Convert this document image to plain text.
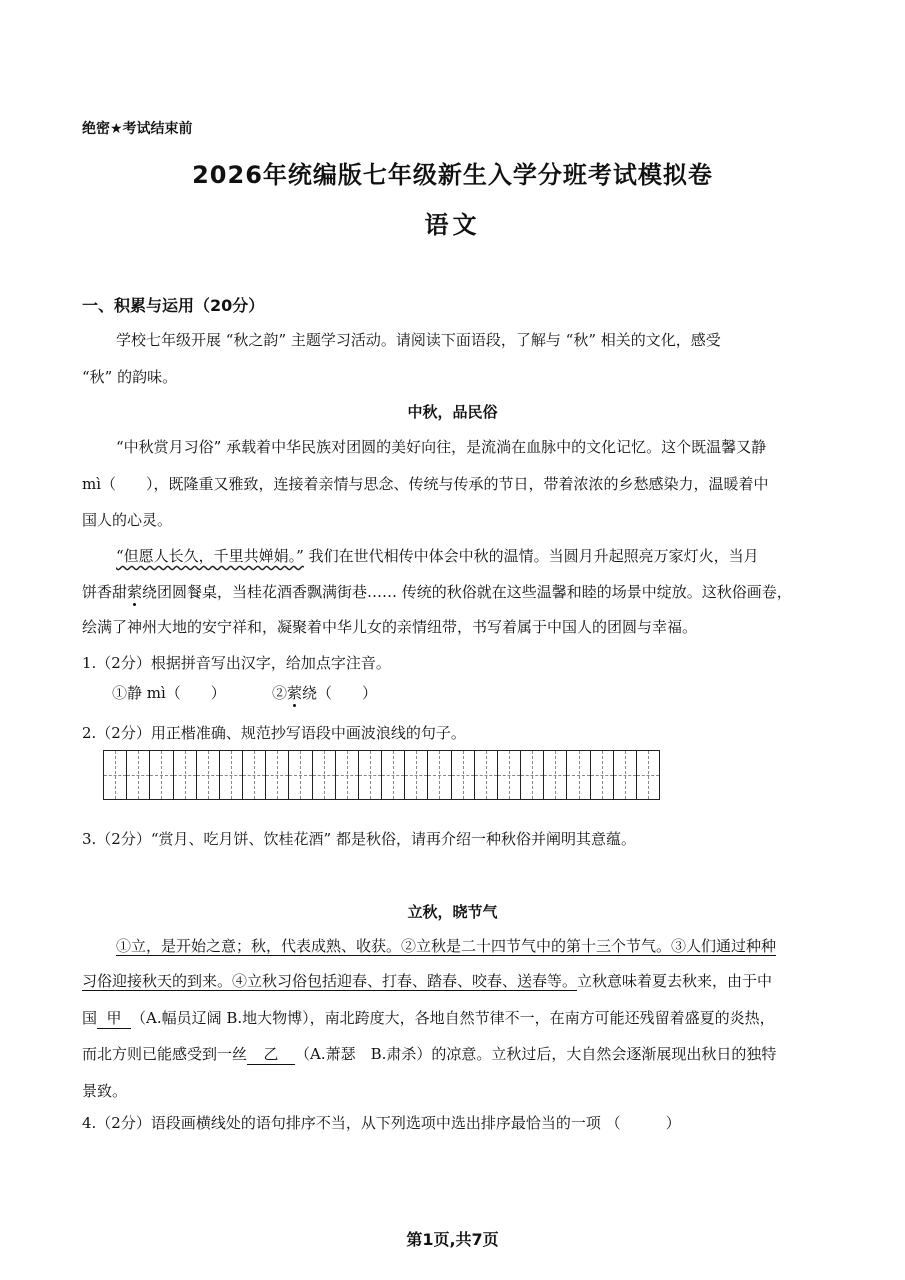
绝密★考试结束前
2026年统编版七年级新生入学分班考试模拟卷
语文
一、积累与运用（20分）
学校七年级开展 “秋之韵” 主题学习活动。请阅读下面语段，了解与 “秋” 相关的文化，感受
“秋” 的韵味。
中秋，品民俗
“中秋赏月习俗” 承载着中华民族对团圆的美好向往，是流淌在血脉中的文化记忆。这个既温馨又静
mì（　　），既隆重又雅致，连接着亲情与思念、传统与传承的节日，带着浓浓的乡愁感染力，温暖着中
国人的心灵。
“但愿人长久，千里共婵娟。” 我们在世代相传中体会中秋的温情。当圆月升起照亮万家灯火，当月
饼香甜萦绕团圆餐桌，当桂花酒香飘满街巷…… 传统的秋俗就在这些温馨和睦的场景中绽放。这秋俗画卷，
绘满了神州大地的安宁祥和，凝聚着中华儿女的亲情纽带，书写着属于中国人的团圆与幸福。
1.（2分）根据拼音写出汉字，给加点字注音。
①静 mì（　　）	②萦绕（　　）
2.（2分）用正楷准确、规范抄写语段中画波浪线的句子。
3.（2分）“赏月、吃月饼、饮桂花酒” 都是秋俗，请再介绍一种秋俗并阐明其意蕴。
立秋，晓节气
①立，是开始之意；秋，代表成熟、收获。②立秋是二十四节气中的第十三个节气。③人们通过种种
习俗迎接秋天的到来。④立秋习俗包括迎春、打春、踏春、咬春、送春等。立秋意味着夏去秋来，由于中
国 甲 （A.幅员辽阔 B.地大物博），南北跨度大，各地自然节律不一，在南方可能还残留着盛夏的炎热，
而北方则已能感受到一丝 乙 （A.萧瑟　B.肃杀）的凉意。立秋过后，大自然会逐渐展现出秋日的独特
景致。
4.（2分）语段画横线处的语句排序不当，从下列选项中选出排序最恰当的一项 （　　　）
第1页,共7页
